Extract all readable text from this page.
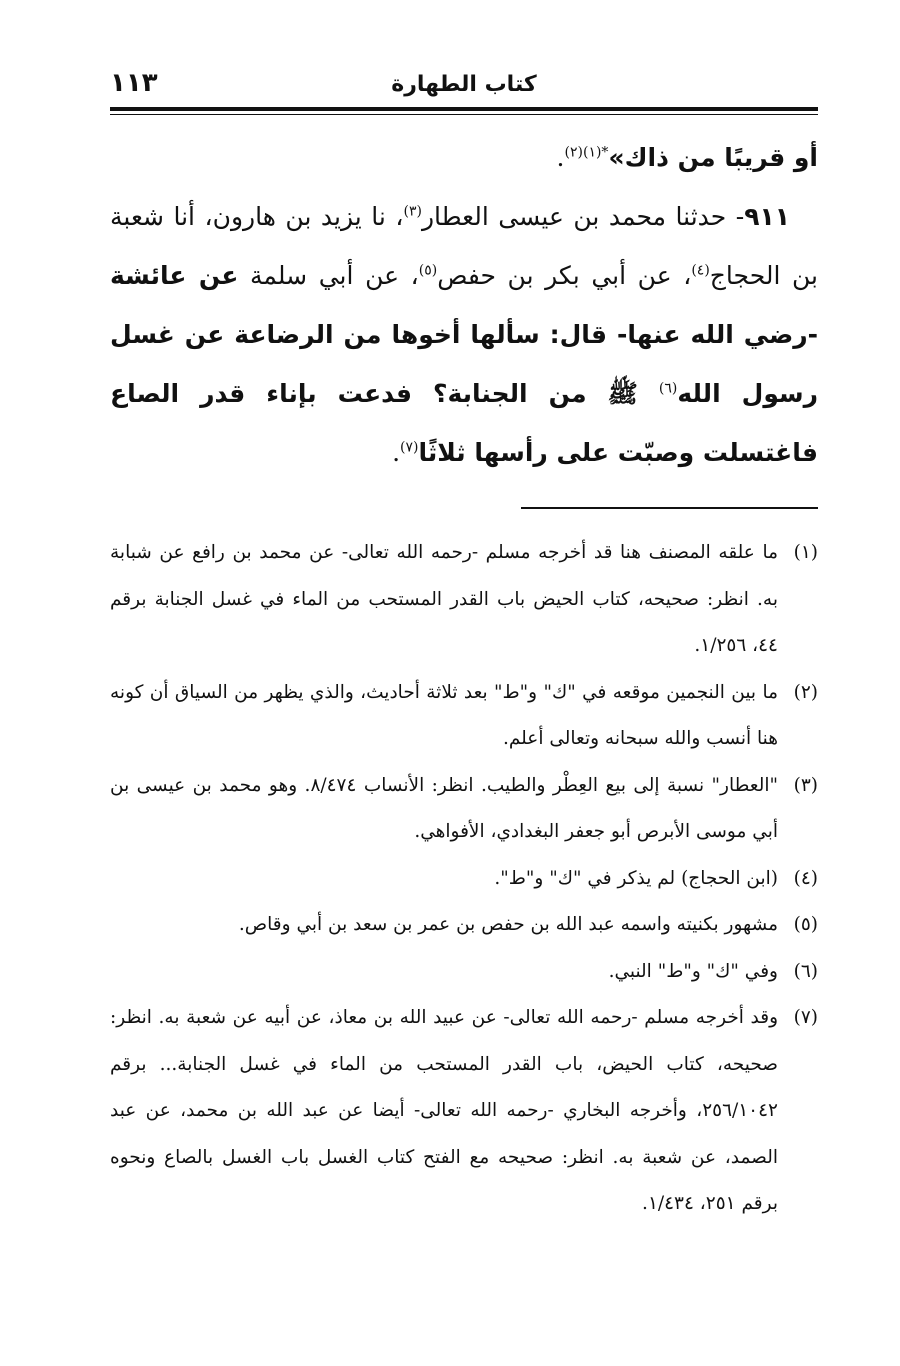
١١٣	كتاب الطهارة

أو قريبًا من ذاك»$^{*(١)(٢)}$.

٩١١- حدثنا محمد بن عيسى العطار$^{(٣)}$، نا يزيد بن هارون، أنا شعبة بن الحجاج$^{(٤)}$، عن أبي بكر بن حفص$^{(٥)}$، عن أبي سلمة عن عائشة -رضي الله عنها- قال: سألها أخوها من الرضاعة عن غسل رسول الله$^{(٦)}$ ﷺ من الجنابة؟ فدعت بإناء قدر الصاع فاغتسلت وصبّت على رأسها ثلاثًا$^{(٧)}$.

(١)
ما علقه المصنف هنا قد أخرجه مسلم -رحمه الله تعالى- عن محمد بن رافع عن شبابة به. انظر: صحيحه، كتاب الحيض باب القدر المستحب من الماء في غسل الجنابة برقم ٤٤، ١/٢٥٦.
(٢)
ما بين النجمين موقعه في "ك" و"ط" بعد ثلاثة أحاديث، والذي يظهر من السياق أن كونه هنا أنسب والله سبحانه وتعالى أعلم.
(٣)
"العطار" نسبة إلى بيع العِطْر والطيب. انظر: الأنساب ٨/٤٧٤. وهو محمد بن عيسى بن أبي موسى الأبرص أبو جعفر البغدادي، الأفواهي.
(٤)
(ابن الحجاج) لم يذكر في "ك" و"ط".
(٥)
مشهور بكنيته واسمه عبد الله بن حفص بن عمر بن سعد بن أبي وقاص.
(٦)
وفي "ك" و"ط" النبي.
(٧)
وقد أخرجه مسلم -رحمه الله تعالى- عن عبيد الله بن معاذ، عن أبيه عن شعبة به. انظر: صحيحه، كتاب الحيض، باب القدر المستحب من الماء في غسل الجنابة... برقم ٢٥٦/١٠٤٢، وأخرجه البخاري -رحمه الله تعالى- أيضا عن عبد الله بن محمد، عن عبد الصمد، عن شعبة به. انظر: صحيحه مع الفتح كتاب الغسل باب الغسل بالصاع ونحوه برقم ٢٥١، ١/٤٣٤.
